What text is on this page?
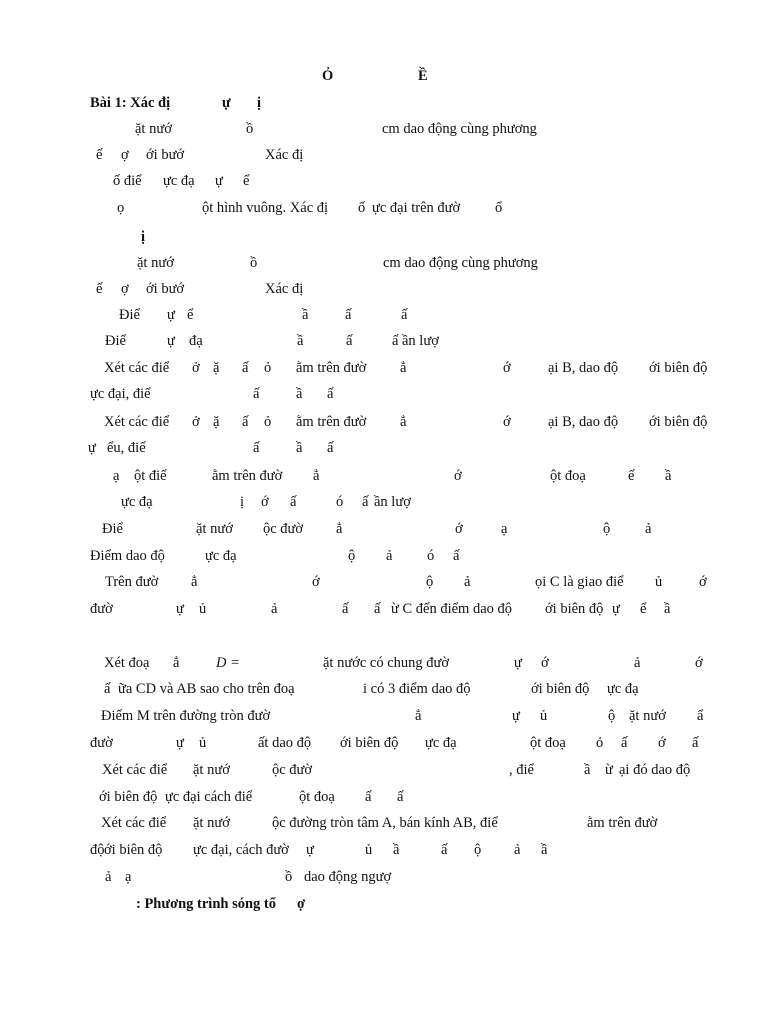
Ỏ	Ề
Bài 1: Xác đị	ự ị
ặt nướ	ồ	cm dao động cùng phương
ế ợ ới bướ	Xác đị
ố điể ực đạ ự ể
ọ	ột hình vuông. Xác đị ố ực đại trên đườ ổ
ị
ặt nướ	ồ	cm dao động cùng phương
ế ợ ới bướ	Xác đị
Điể ự ể	ầ	ấ	ấ
Điể	ự đạ	ầ	ấ	ấ ần lượ
Xét các điể ở ặ ấ ỏ ằm trên đườ ẳ	ớ	ại B, dao độ ới biên độ
ực đại, điể	ấ	ầ ấ
Xét các điể ở ặ ấ ỏ ằm trên đườ ẳ	ớ	ại B, dao độ ới biên độ
ự ểu, điể	ấ	ầ ấ
ạ ột điể	ằm trên đườ ẳ	ớ	ột đoạ	ế ầ
ực đạ	ị ớ ấ	ó ấ ần lượ
Điể	ặt nướ ộc đườ ẳ	ớ	ạ	ộ ả
Điểm dao độ	ực đạ	ộ ả ó ấ
Trên đườ ẳ	ớ	ộ ả	ọi C là giao điể ủ	ớ
đườ	ự ủ	ả	ấ ấ ừ C đến điểm dao độ ới biên độ ự ể ầ
Xét đoạ ẳ	D =	ặt nước có chung đườ	ự ớ	ả	ớ
ấ ữa CD và AB sao cho trên đoạ	i có 3 điểm dao độ	ới biên độ ực đạ
Điểm M trên đường tròn đườ	ẳ	ự ủ	ộ ặt nướ ẩ
đườ	ự ủ	ất dao độ ới biên độ ực đạ	ột đoạ ỏ ấ ớ ấ
Xét các điể ặt nướ	ộc đườ	, điể	ầ ừ ại đó dao độ
ới biên độ ực đại cách điể	ột đoạ ấ ấ
Xét các điể ặt nướ	ộc đường tròn tâm A, bán kính AB, điể	ằm trên đườ
độ ới biên độ ực đại, cách đườ ự	ủ ầ	ấ ộ ả ầ
ả ạ	ồ dao động ngượ
: Phương trình sóng tổ ợ
